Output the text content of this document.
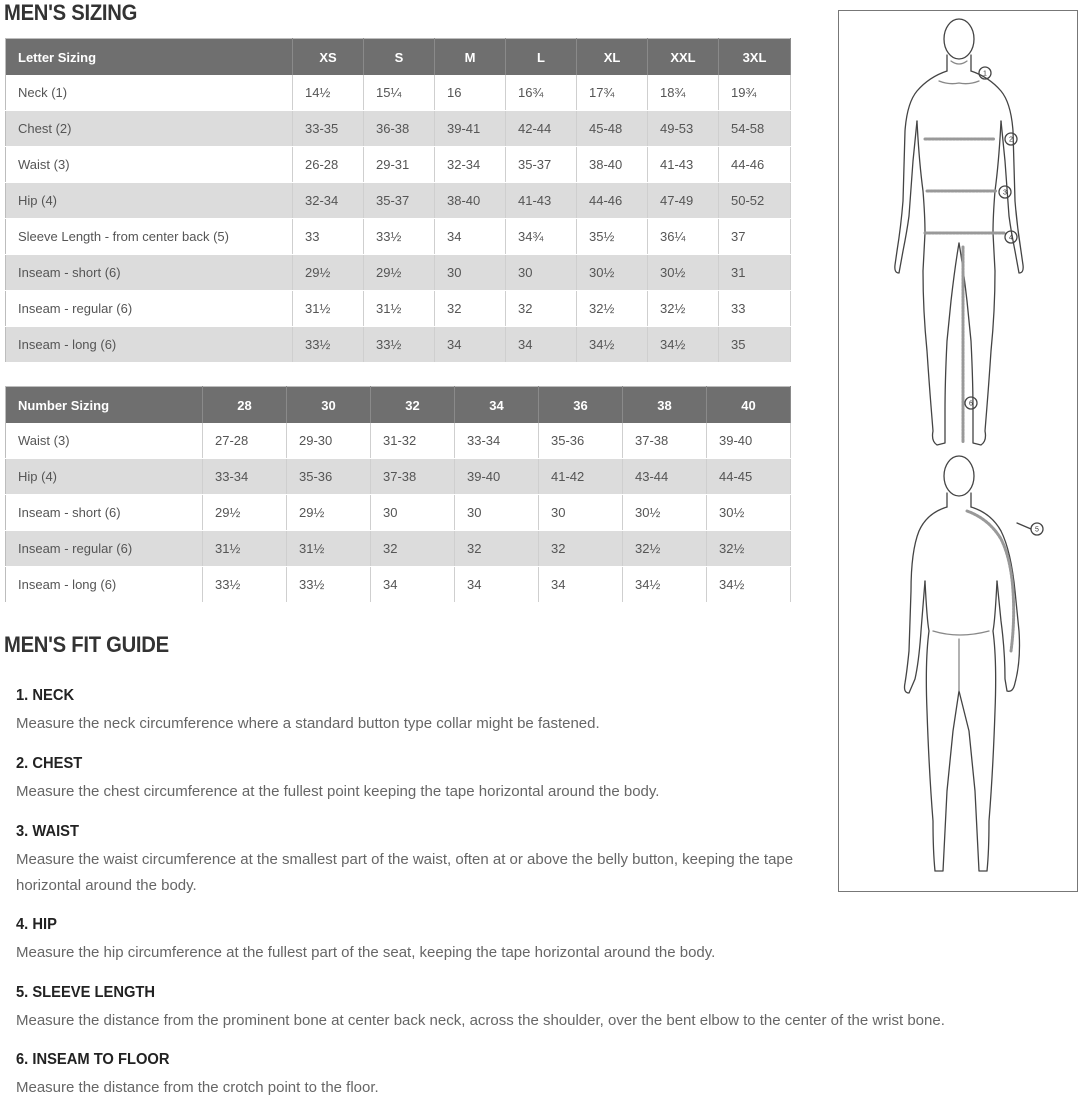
MEN'S SIZING
Letter Sizing	XS	S	M	L	XL	XXL	3XL
Neck (1)	14½	15¼	16	16¾	17¾	18¾	19¾
Chest (2)	33-35	36-38	39-41	42-44	45-48	49-53	54-58
Waist (3)	26-28	29-31	32-34	35-37	38-40	41-43	44-46
Hip (4)	32-34	35-37	38-40	41-43	44-46	47-49	50-52
Sleeve Length - from center back (5)	33	33½	34	34¾	35½	36¼	37
Inseam - short (6)	29½	29½	30	30	30½	30½	31
Inseam - regular (6)	31½	31½	32	32	32½	32½	33
Inseam - long (6)	33½	33½	34	34	34½	34½	35
Number Sizing	28	30	32	34	36	38	40
Waist (3)	27-28	29-30	31-32	33-34	35-36	37-38	39-40
Hip (4)	33-34	35-36	37-38	39-40	41-42	43-44	44-45
Inseam - short (6)	29½	29½	30	30	30	30½	30½
Inseam - regular (6)	31½	31½	32	32	32	32½	32½
Inseam - long (6)	33½	33½	34	34	34	34½	34½
MEN'S FIT GUIDE
1. NECK

Measure the neck circumference where a standard button type collar might be fastened.

2. CHEST

Measure the chest circumference at the fullest point keeping the tape horizontal around the body.

3. WAIST

Measure the waist circumference at the smallest part of the waist, often at or above the belly button, keeping the tape horizontal around the body.

4. HIP

Measure the hip circumference at the fullest part of the seat, keeping the tape horizontal around the body.

5. SLEEVE LENGTH

Measure the distance from the prominent bone at center back neck, across the shoulder, over the bent elbow to the center of the wrist bone.

6. INSEAM TO FLOOR

Measure the distance from the crotch point to the floor.

1
2
3
4
6
5
